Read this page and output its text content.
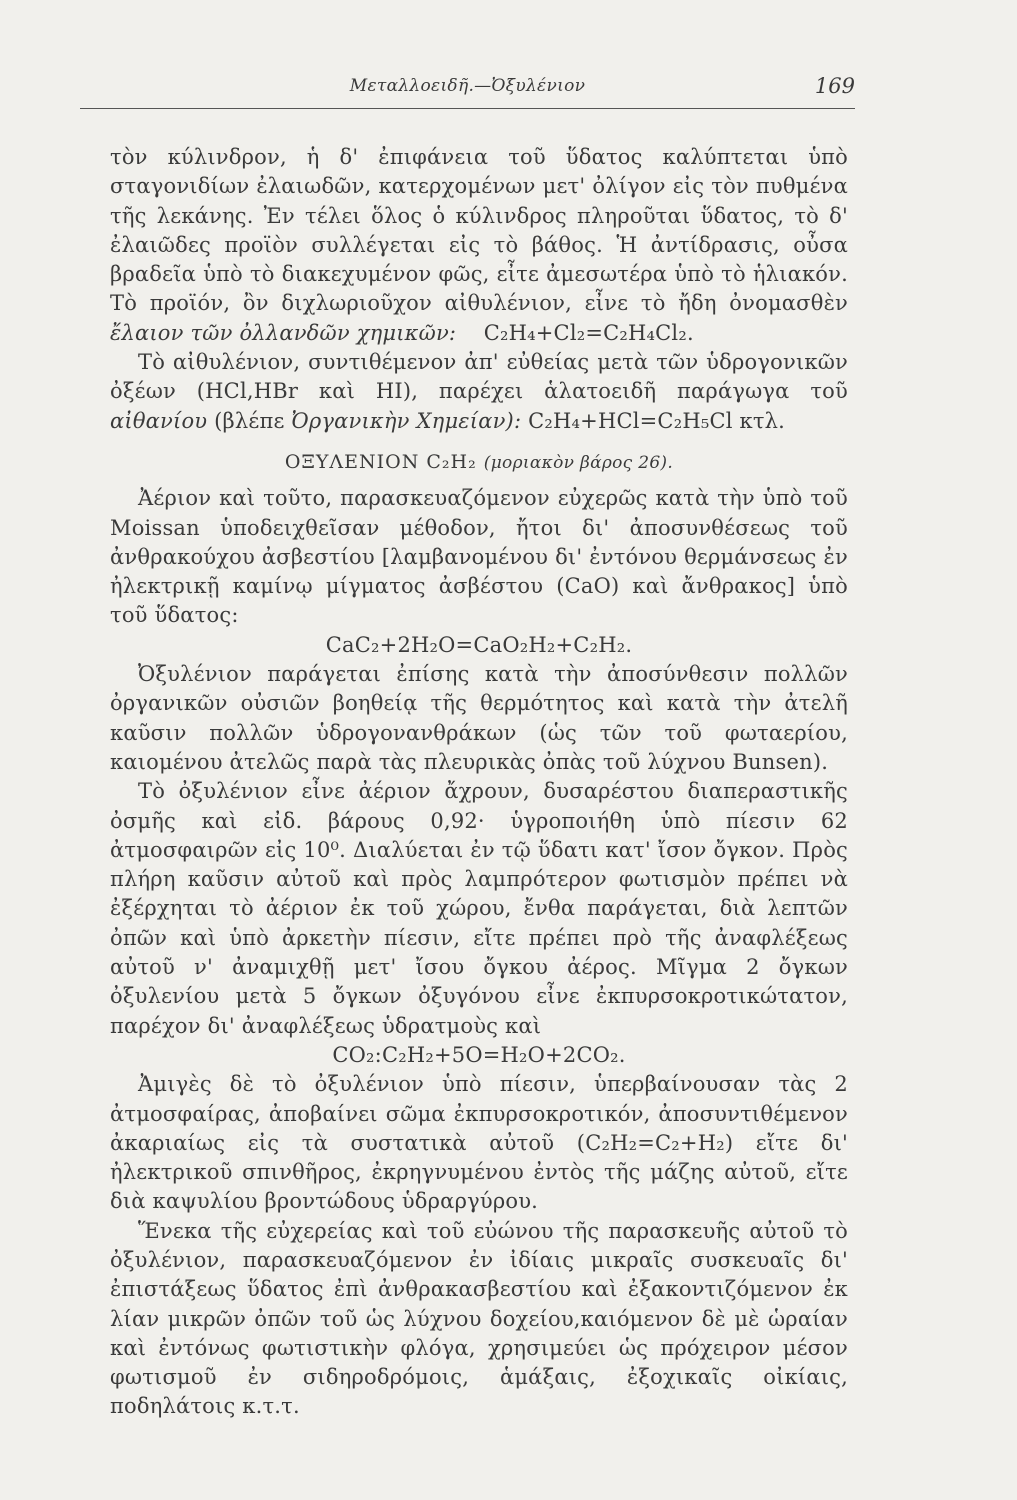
Μεταλλοειδῆ.—Ὀξυλένιον	169

τὸν κύλινδρον, ἡ δ' ἐπιφάνεια τοῦ ὕδατος καλύπτεται ὑπὸ σταγονιδίων ἐλαιωδῶν, κατερχομένων μετ' ὀλίγον εἰς τὸν πυθμένα τῆς λεκάνης. Ἐν τέλει ὅλος ὁ κύλινδρος πληροῦται ὕδατος, τὸ δ' ἐλαιῶδες προϊὸν συλλέγεται εἰς τὸ βάθος. Ἡ ἀντίδρασις, οὖσα βραδεῖα ὑπὸ τὸ διακεχυμένον φῶς, εἶτε ἀμεσωτέρα ὑπὸ τὸ ἡλιακόν. Τὸ προϊόν, ὂν διχλωριοῦχον αἰθυλένιον, εἶνε τὸ ἤδη ὀνομασθὲν ἔλαιον τῶν ὀλλανδῶν χημικῶν: C₂H₄+Cl₂=C₂H₄Cl₂.

Τὸ αἰθυλένιον, συντιθέμενον ἀπ' εὐθείας μετὰ τῶν ὑδρογονικῶν ὀξέων (HCl,HBr καὶ HI), παρέχει ἁλατοειδῆ παράγωγα τοῦ αἰθανίου (βλέπε Ὀργανικὴν Χημείαν): C₂H₄+HCl=C₂H₅Cl κτλ.

ΟΞΥΛΕΝΙΟΝ C₂H₂ (μοριακὸν βάρος 26).

Ἀέριον καὶ τοῦτο, παρασκευαζόμενον εὐχερῶς κατὰ τὴν ὑπὸ τοῦ Moissan ὑποδειχθεῖσαν μέθοδον, ἤτοι δι' ἀποσυνθέσεως τοῦ ἀνθρακούχου ἀσβεστίου [λαμβανομένου δι' ἐντόνου θερμάνσεως ἐν ἠλεκτρικῇ καμίνῳ μίγματος ἀσβέστου (CaO) καὶ ἄνθρακος] ὑπὸ τοῦ ὕδατος:

CaC₂+2H₂O=CaO₂H₂+C₂H₂.

Ὀξυλένιον παράγεται ἐπίσης κατὰ τὴν ἀποσύνθεσιν πολλῶν ὀργανικῶν οὐσιῶν βοηθείᾳ τῆς θερμότητος καὶ κατὰ τὴν ἀτελῆ καῦσιν πολλῶν ὑδρογονανθράκων (ὡς τῶν τοῦ φωταερίου, καιομένου ἀτελῶς παρὰ τὰς πλευρικὰς ὀπὰς τοῦ λύχνου Bunsen).

Τὸ ὀξυλένιον εἶνε ἀέριον ἄχρουν, δυσαρέστου διαπεραστικῆς ὀσμῆς καὶ εἰδ. βάρους 0,92· ὑγροποιήθη ὑπὸ πίεσιν 62 ἀτμοσφαιρῶν εἰς 10⁰. Διαλύεται ἐν τῷ ὕδατι κατ' ἴσον ὄγκον. Πρὸς πλήρη καῦσιν αὐτοῦ καὶ πρὸς λαμπρότερον φωτισμὸν πρέπει νὰ ἐξέρχηται τὸ ἀέριον ἐκ τοῦ χώρου, ἔνθα παράγεται, διὰ λεπτῶν ὀπῶν καὶ ὑπὸ ἀρκετὴν πίεσιν, εἴτε πρέπει πρὸ τῆς ἀναφλέξεως αὐτοῦ ν' ἀναμιχθῇ μετ' ἴσου ὄγκου ἀέρος. Μῖγμα 2 ὄγκων ὀξυλενίου μετὰ 5 ὄγκων ὀξυγόνου εἶνε ἐκπυρσοκροτικώτατον, παρέχον δι' ἀναφλέξεως ὑδρατμοὺς καὶ

CO₂:C₂H₂+5O=H₂O+2CO₂.

Ἀμιγὲς δὲ τὸ ὀξυλένιον ὑπὸ πίεσιν, ὑπερβαίνουσαν τὰς 2 ἀτμοσφαίρας, ἀποβαίνει σῶμα ἐκπυρσοκροτικόν, ἀποσυντιθέμενον ἀκαριαίως εἰς τὰ συστατικὰ αὐτοῦ (C₂H₂=C₂+H₂) εἴτε δι' ἠλεκτρικοῦ σπινθῆρος, ἐκρηγνυμένου ἐντὸς τῆς μάζης αὐτοῦ, εἴτε διὰ καψυλίου βροντώδους ὑδραργύρου.

Ἕνεκα τῆς εὐχερείας καὶ τοῦ εὐώνου τῆς παρασκευῆς αὐτοῦ τὸ ὀξυλένιον, παρασκευαζόμενον ἐν ἰδίαις μικραῖς συσκευαῖς δι' ἐπιστάξεως ὕδατος ἐπὶ ἀνθρακασβεστίου καὶ ἐξακοντιζόμενον ἐκ λίαν μικρῶν ὀπῶν τοῦ ὡς λύχνου δοχείου,καιόμενον δὲ μὲ ὡραίαν καὶ ἐντόνως φωτιστικὴν φλόγα, χρησιμεύει ὡς πρόχειρον μέσον φωτισμοῦ ἐν σιδηροδρόμοις, ἁμάξαις, ἐξοχικαῖς οἰκίαις, ποδηλάτοις κ.τ.τ.
